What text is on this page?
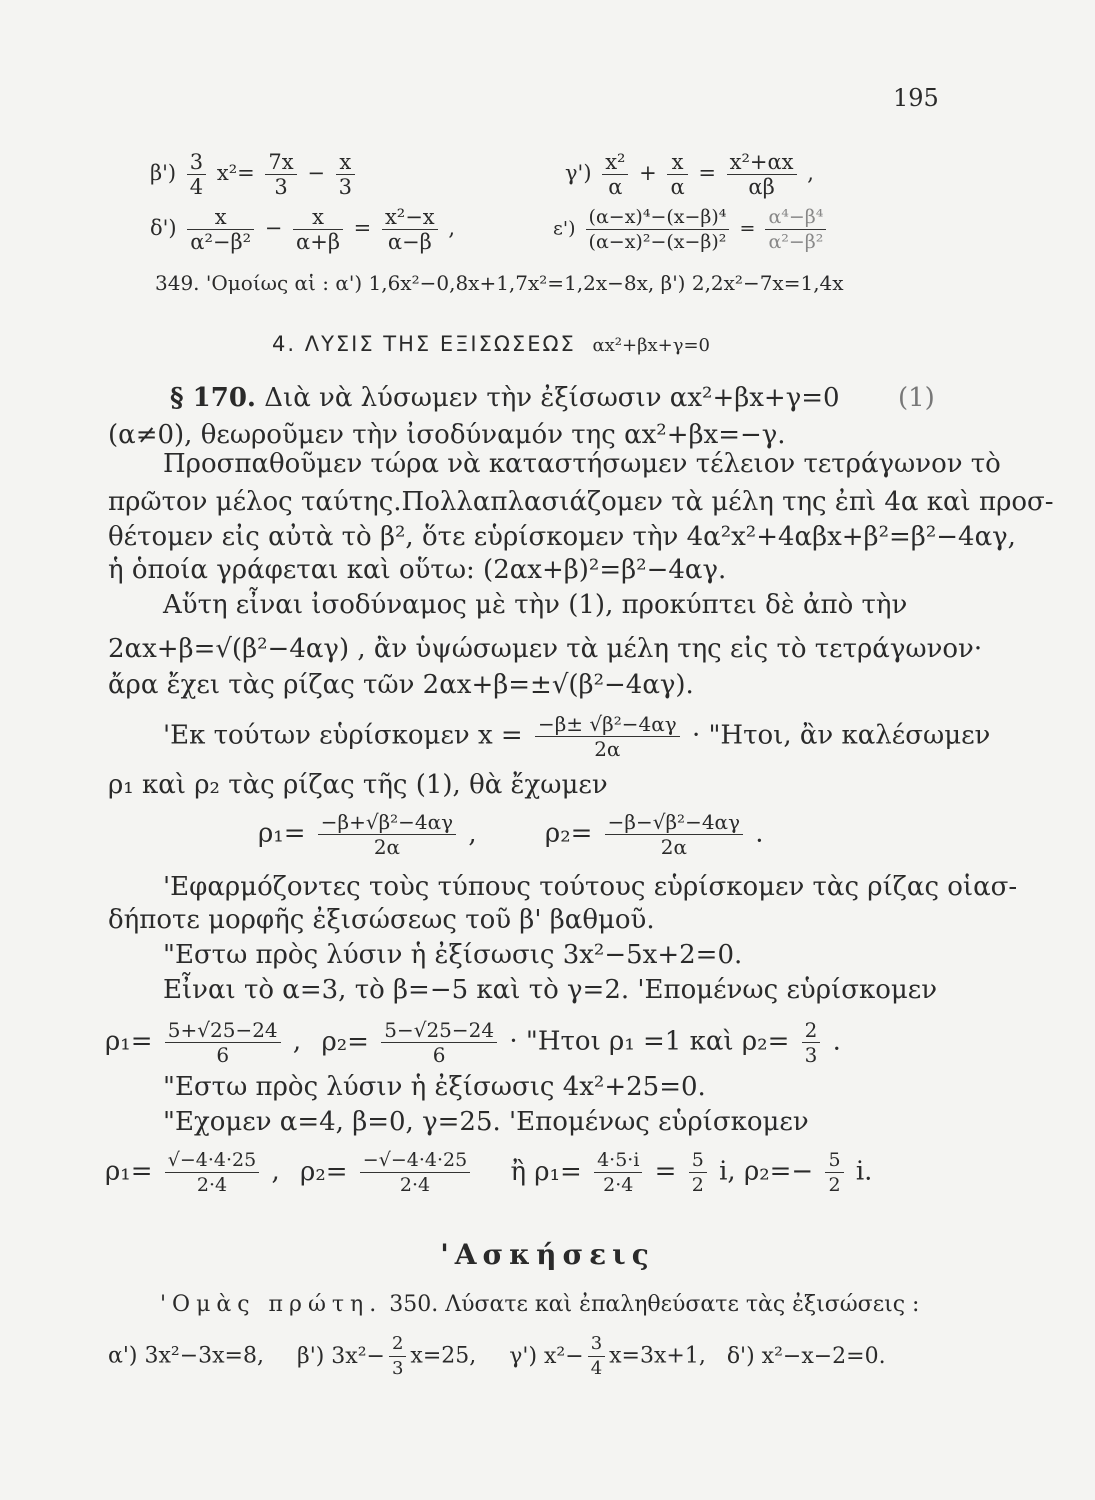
195
$\beta') \frac{3}{4} x^2= \frac{7x}{3} - \frac{x}{3}$	$\gamma') \frac{\text{x²}}{\alpha} + \frac{x}{\alpha} = \frac{\text{x²+αx}}{\alpha\beta}$ ,
$\delta') \frac{x}{\text{α²−β²}} - \frac{x}{\alpha+\beta} = \frac{\text{x²−x}}{\alpha-\beta}$ ,	$\varepsilon') \frac{\text{(α−x)⁴−(x−β)⁴}}{\text{(α−x)²−(x−β)²}} = \frac{\text{α⁴−β⁴}}{\text{α²−β²}}$
349. 'Ομοίως αἱ : α') 1,6x²−0,8x+1,7x²=1,2x−8x, β') 2,2x²−7x=1,4x
4. ΛΥΣΙΣ ΤΗΣ ΕΞΙΣΩΣΕΩΣ αx²+βx+γ=0
§ 170. Διὰ νὰ λύσωμεν τὴν ἐξίσωσιν αx²+βx+γ=0 (1)
(α≠0), θεωροῦμεν τὴν ἰσοδύναμόν της αx²+βx=−γ.
Προσπαθοῦμεν τώρα νὰ καταστήσωμεν τέλειον τετράγωνον τὸ
πρῶτον μέλος ταύτης.Πολλαπλασιάζομεν τὰ μέλη της ἐπὶ 4α καὶ προσ-
θέτομεν εἰς αὐτὰ τὸ β², ὅτε εὑρίσκομεν τὴν 4α²x²+4αβx+β²=β²−4αγ,
ἡ ὁποία γράφεται καὶ οὕτω: (2αx+β)²=β²−4αγ.
Αὕτη εἶναι ἰσοδύναμος μὲ τὴν (1), προκύπτει δὲ ἀπὸ τὴν
2αx+β=√(β²−4αγ) , ἂν ὑψώσωμεν τὰ μέλη της εἰς τὸ τετράγωνον·
ἄρα ἔχει τὰς ρίζας τῶν 2αx+β=±√(β²−4αγ).
'Εκ τούτων εὑρίσκομεν $x = \frac{\text{−β± √β²−4αγ}}{2\alpha}$ · "Ητοι, ἂν καλέσωμεν
ρ₁ καὶ ρ₂ τὰς ρίζας τῆς (1), θὰ ἔχωμεν
$\rho_1= \frac{\text{−β+√β²−4αγ}}{2\alpha}$ ,	$\rho_2= \frac{\text{−β−√β²−4αγ}}{2\alpha}$ .
'Εφαρμόζοντες τοὺς τύπους τούτους εὑρίσκομεν τὰς ρίζας οἱασ-
δήποτε μορφῆς ἐξισώσεως τοῦ β' βαθμοῦ.
"Εστω πρὸς λύσιν ἡ ἐξίσωσις 3x²−5x+2=0.
Εἶναι τὸ α=3, τὸ β=−5 καὶ τὸ γ=2. 'Επομένως εὑρίσκομεν
$\rho_1= \frac{5+√25-24}{6}$ , $\rho_2= \frac{5-√25-24}{6}$ · "Ητοι ρ₁ =1 καὶ $\rho_2= \frac{2}{3}$ .
"Εστω πρὸς λύσιν ἡ ἐξίσωσις 4x²+25=0.
"Εχομεν α=4, β=0, γ=25. 'Επομένως εὑρίσκομεν
$\rho_1= \frac{√-4\cdot 4\cdot 25}{2\cdot 4}$ , $\rho_2= \frac{-√-4\cdot 4\cdot 25}{2\cdot 4}$ ἢ $\rho_1= \frac{4\cdot 5\cdot i}{2\cdot 4} = \frac{5}{2} i$, $\rho_2=- \frac{5}{2} i$.
'Ασκήσεις
'Ομὰς πρώτη. 350. Λύσατε καὶ ἐπαληθεύσατε τὰς ἐξισώσεις :
α') 3x²−3x=8, β') $3x^2- \frac{2}{3} x=25$, γ') $x^2- \frac{3}{4} x=3x+1$, δ') x²−x−2=0.
